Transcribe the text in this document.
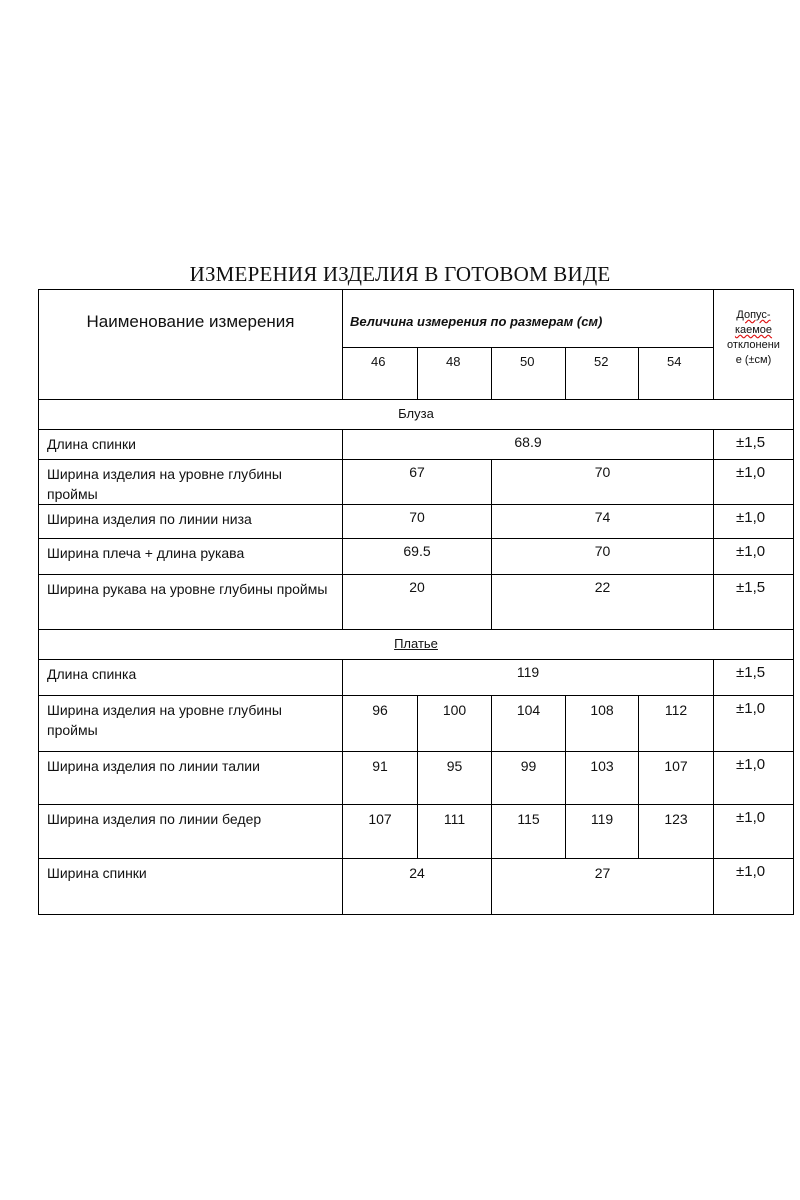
ИЗМЕРЕНИЯ ИЗДЕЛИЯ В ГОТОВОМ ВИДЕ
Наименование измерения	Величина измерения по размерам (см)					Допус-
каемое
отклонени
е (±см)

	46	48	50	52	54	
Блуза						
Длина спинки	68.9					±1,5
Ширина изделия на уровне глубины проймы	67		70			±1,0
Ширина изделия по линии низа	70		74			±1,0
Ширина плеча + длина рукава	69.5		70			±1,0
Ширина рукава на уровне глубины проймы	20		22			±1,5
Платье						
Длина спинка	119					±1,5
Ширина изделия на уровне глубины проймы	96	100	104	108	112	±1,0
Ширина изделия по линии талии	91	95	99	103	107	±1,0
Ширина изделия по линии бедер	107	111	115	119	123	±1,0
Ширина спинки	24		27			±1,0
